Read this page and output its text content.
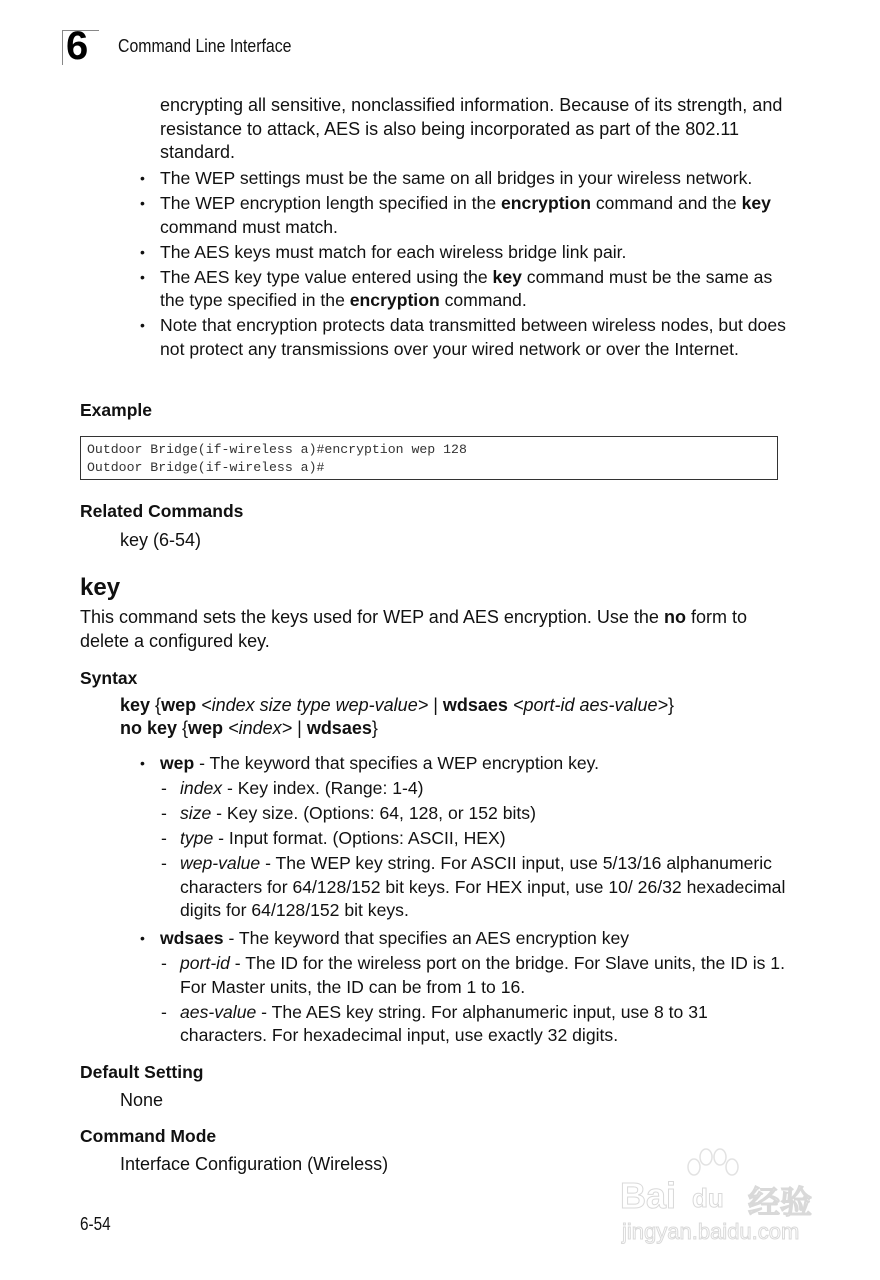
6 Command Line Interface
encrypting all sensitive, nonclassified information. Because of its strength, and resistance to attack, AES is also being incorporated as part of the 802.11 standard.
• The WEP settings must be the same on all bridges in your wireless network.
• The WEP encryption length specified in the encryption command and the key command must match.
• The AES keys must match for each wireless bridge link pair.
• The AES key type value entered using the key command must be the same as the type specified in the encryption command.
• Note that encryption protects data transmitted between wireless nodes, but does not protect any transmissions over your wired network or over the Internet.
Example
Outdoor Bridge(if-wireless a)#encryption wep 128
Outdoor Bridge(if-wireless a)#
Related Commands
key (6-54)
key
This command sets the keys used for WEP and AES encryption. Use the no form to delete a configured key.
Syntax
key {wep <index size type wep-value> | wdsaes <port-id aes-value>}
no key {wep <index> | wdsaes}
• wep - The keyword that specifies a WEP encryption key.
- index - Key index. (Range: 1-4)
- size - Key size. (Options: 64, 128, or 152 bits)
- type - Input format. (Options: ASCII, HEX)
- wep-value - The WEP key string. For ASCII input, use 5/13/16 alphanumeric characters for 64/128/152 bit keys. For HEX input, use 10/ 26/32 hexadecimal digits for 64/128/152 bit keys.
• wdsaes - The keyword that specifies an AES encryption key
- port-id - The ID for the wireless port on the bridge. For Slave units, the ID is 1. For Master units, the ID can be from 1 to 16.
- aes-value - The AES key string. For alphanumeric input, use 8 to 31 characters. For hexadecimal input, use exactly 32 digits.
Default Setting
None
Command Mode
Interface Configuration (Wireless)
6-54
Bai du 经验
jingyan.baidu.com
